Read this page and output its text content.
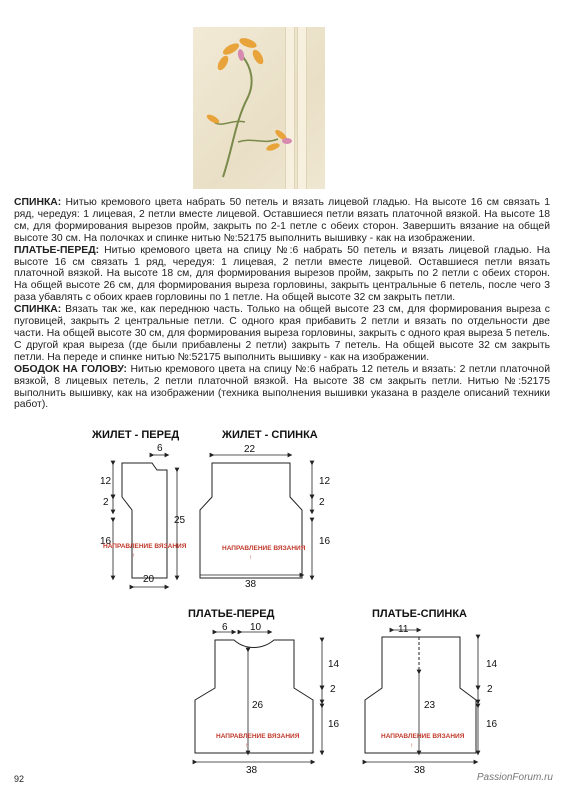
СПИНКА: Нитью кремового цвета набрать 50 петель и вязать лицевой гладью. На высоте 16 см связать 1 ряд, чередуя: 1 лицевая, 2 петли вместе лицевой. Оставшиеся петли вязать платочной вязкой. На высоте 18 см, для формирования вырезов пройм, закрыть по 2-1 петле с обеих сторон. Завершить вязание на общей высоте 30 см. На полочках и спинке нитью №:52175 выполнить вышивку - как на изображении.

ПЛАТЬЕ-ПЕРЕД: Нитью кремового цвета на спицу №:6 набрать 50 петель и вязать лицевой гладью. На высоте 16 см связать 1 ряд, чередуя: 1 лицевая, 2 петли вместе лицевой. Оставшиеся петли вязать платочной вязкой. На высоте 18 см, для формирования вырезов пройм, закрыть по 2 петли с обеих сторон. На общей высоте 26 см, для формирования выреза горловины, закрыть центральные 6 петель, после чего 3 раза убавлять с обоих краев горловины по 1 петле. На общей высоте 32 см закрыть петли.

СПИНКА: Вязать так же, как переднюю часть. Только на общей высоте 23 см, для формирования выреза с пуговицей, закрыть 2 центральные петли. С одного края прибавить 2 петли и вязать по отдельности две части. На общей высоте 30 см, для формирования выреза горловины, закрыть с одного края выреза 5 петель. С другой края выреза (где были прибавлены 2 петли) закрыть 7 петель. На общей высоте 32 см закрыть петли. На переде и спинке нитью №:52175 выполнить вышивку - как на изображении.

ОБОДОК НА ГОЛОВУ: Нитью кремового цвета на спицу №:6 набрать 12 петель и вязать: 2 петли платочной вязкой, 8 лицевых петель, 2 петли платочной вязкой. На высоте 38 см закрыть петли. Нитью №:52175 выполнить вышивку, как на изображении (техника выполнения вышивки указана в разделе описаний техники работ).

ЖИЛЕТ - ПЕРЕД
6
12
2
25
16
20
НАПРАВЛЕНИЕ ВЯЗАНИЯ
↑
ЖИЛЕТ - СПИНКА
22
12
2
16
38
НАПРАВЛЕНИЕ ВЯЗАНИЯ
↑
ПЛАТЬЕ-ПЕРЕД
6 10
14
2
26
16
38
НАПРАВЛЕНИЕ ВЯЗАНИЯ
↑
ПЛАТЬЕ-СПИНКА
11
14
2
23
16
38
НАПРАВЛЕНИЕ ВЯЗАНИЯ
↑
92	PassionForum.ru
